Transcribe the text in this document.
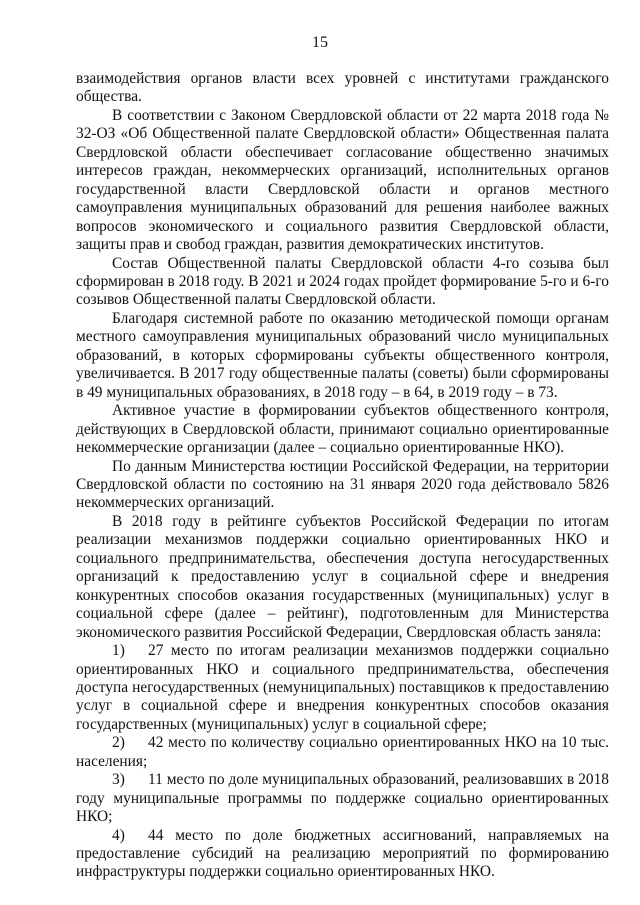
15

взаимодействия органов власти всех уровней с институтами гражданского общества.

В соответствии с Законом Свердловской области от 22 марта 2018 года № 32-ОЗ «Об Общественной палате Свердловской области» Общественная палата Свердловской области обеспечивает согласование общественно значимых интересов граждан, некоммерческих организаций, исполнительных органов государственной власти Свердловской области и органов местного самоуправления муниципальных образований для решения наиболее важных вопросов экономического и социального развития Свердловской области, защиты прав и свобод граждан, развития демократических институтов.

Состав Общественной палаты Свердловской области 4-го созыва был сформирован в 2018 году. В 2021 и 2024 годах пройдет формирование 5-го и 6-го созывов Общественной палаты Свердловской области.

Благодаря системной работе по оказанию методической помощи органам местного самоуправления муниципальных образований число муниципальных образований, в которых сформированы субъекты общественного контроля, увеличивается. В 2017 году общественные палаты (советы) были сформированы в 49 муниципальных образованиях, в 2018 году – в 64, в 2019 году – в 73.

Активное участие в формировании субъектов общественного контроля, действующих в Свердловской области, принимают социально ориентированные некоммерческие организации (далее – социально ориентированные НКО).

По данным Министерства юстиции Российской Федерации, на территории Свердловской области по состоянию на 31 января 2020 года действовало 5826 некоммерческих организаций.

В 2018 году в рейтинге субъектов Российской Федерации по итогам реализации механизмов поддержки социально ориентированных НКО и социального предпринимательства, обеспечения доступа негосударственных организаций к предоставлению услуг в социальной сфере и внедрения конкурентных способов оказания государственных (муниципальных) услуг в социальной сфере (далее – рейтинг), подготовленным для Министерства экономического развития Российской Федерации, Свердловская область заняла:

1) 27 место по итогам реализации механизмов поддержки социально ориентированных НКО и социального предпринимательства, обеспечения доступа негосударственных (немуниципальных) поставщиков к предоставлению услуг в социальной сфере и внедрения конкурентных способов оказания государственных (муниципальных) услуг в социальной сфере;

2) 42 место по количеству социально ориентированных НКО на 10 тыс. населения;

3) 11 место по доле муниципальных образований, реализовавших в 2018 году муниципальные программы по поддержке социально ориентированных НКО;

4) 44 место по доле бюджетных ассигнований, направляемых на предоставление субсидий на реализацию мероприятий по формированию инфраструктуры поддержки социально ориентированных НКО.
